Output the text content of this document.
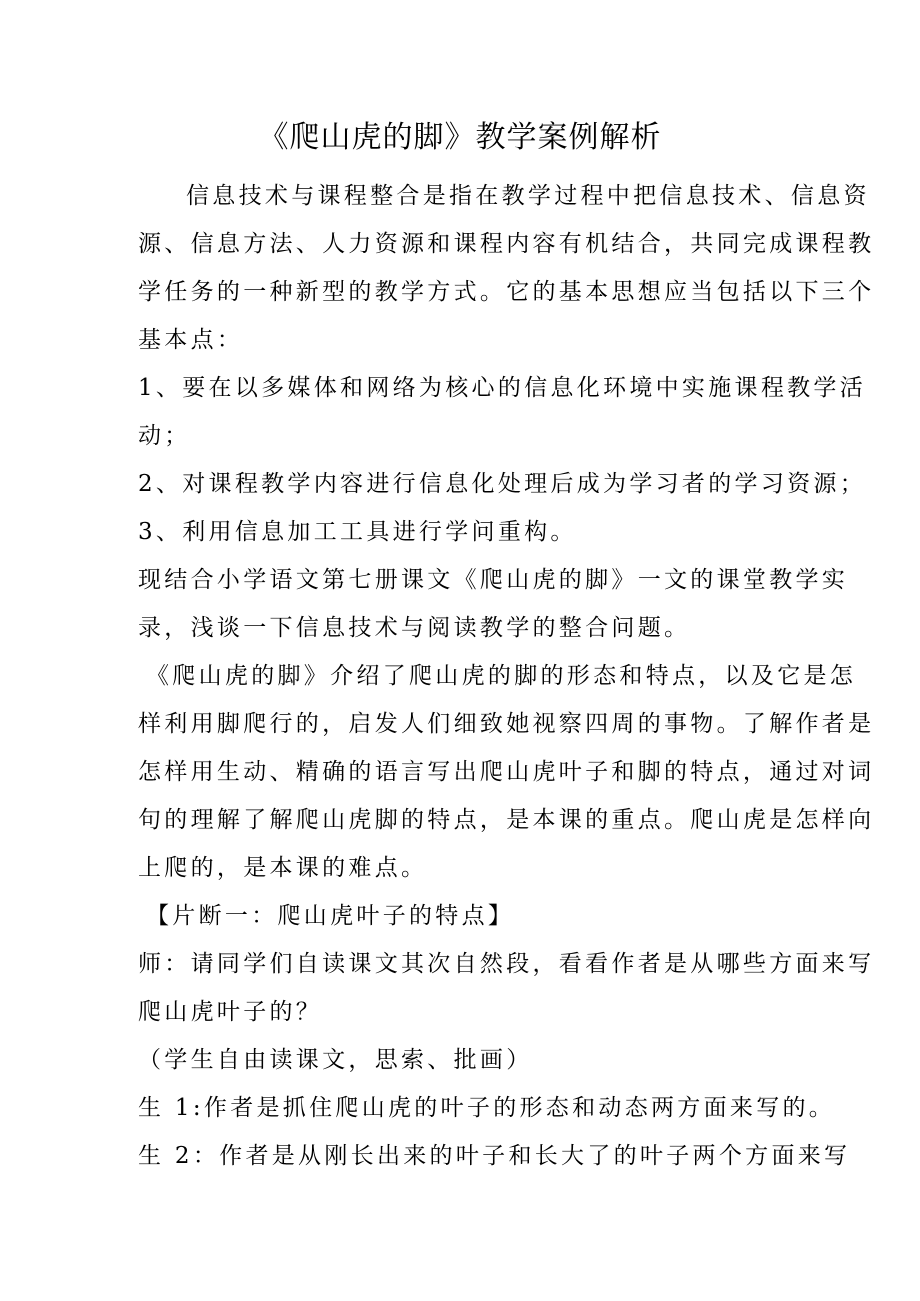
《爬山虎的脚》教学案例解析
信息技术与课程整合是指在教学过程中把信息技术、信息资
源、信息方法、人力资源和课程内容有机结合，共同完成课程教
学任务的一种新型的教学方式。它的基本思想应当包括以下三个
基本点：
1、要在以多媒体和网络为核心的信息化环境中实施课程教学活
动；
2、对课程教学内容进行信息化处理后成为学习者的学习资源；
3、利用信息加工工具进行学问重构。
现结合小学语文第七册课文《爬山虎的脚》一文的课堂教学实
录，浅谈一下信息技术与阅读教学的整合问题。
《爬山虎的脚》介绍了爬山虎的脚的形态和特点，以及它是怎
样利用脚爬行的，启发人们细致她视察四周的事物。了解作者是
怎样用生动、精确的语言写出爬山虎叶子和脚的特点，通过对词
句的理解了解爬山虎脚的特点，是本课的重点。爬山虎是怎样向
上爬的，是本课的难点。
【片断一：爬山虎叶子的特点】
师：请同学们自读课文其次自然段，看看作者是从哪些方面来写
爬山虎叶子的？
（学生自由读课文，思索、批画）
生 1:作者是抓住爬山虎的叶子的形态和动态两方面来写的。
生 2：作者是从刚长出来的叶子和长大了的叶子两个方面来写
